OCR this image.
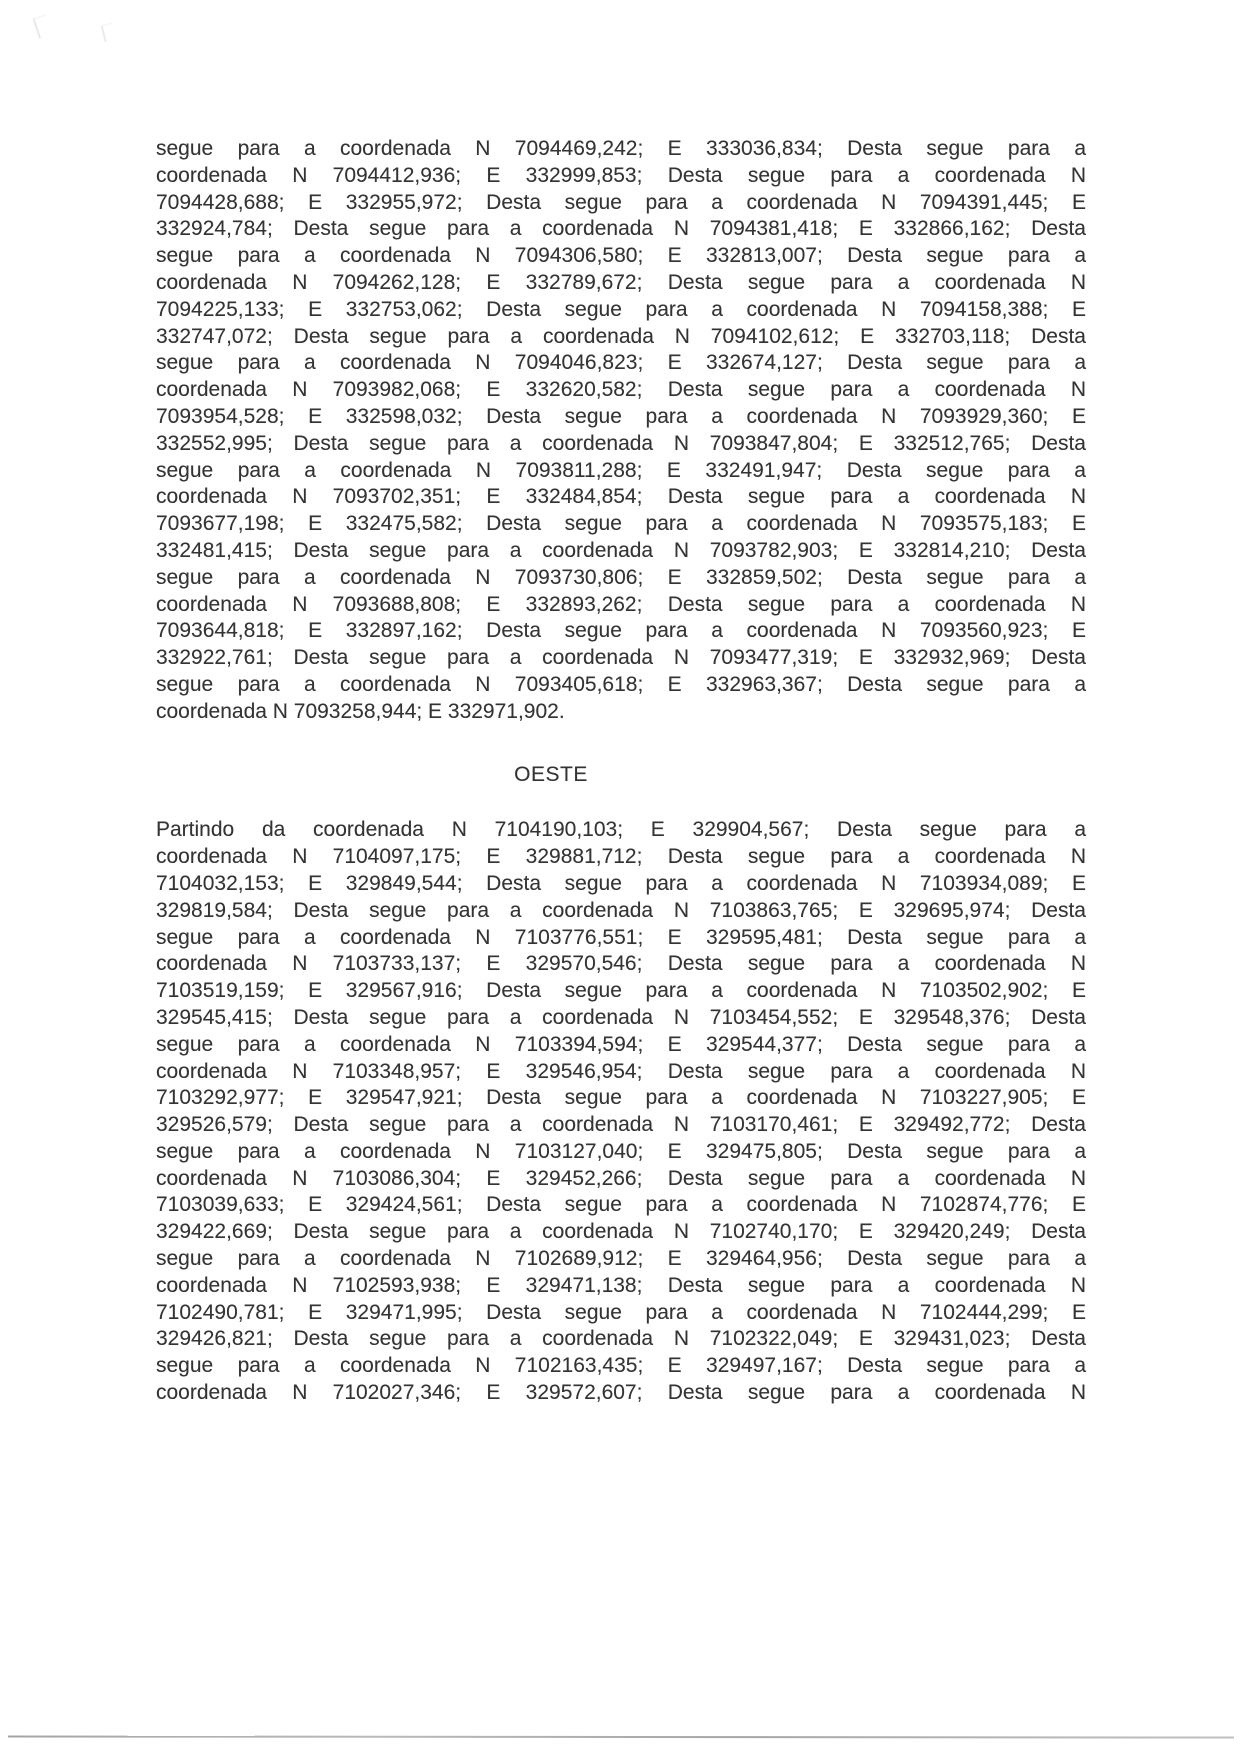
segue para a coordenada N 7094469,242; E 333036,834; Desta segue para a
coordenada N 7094412,936; E 332999,853; Desta segue para a coordenada N
7094428,688; E 332955,972; Desta segue para a coordenada N 7094391,445; E
332924,784; Desta segue para a coordenada N 7094381,418; E 332866,162; Desta
segue para a coordenada N 7094306,580; E 332813,007; Desta segue para a
coordenada N 7094262,128; E 332789,672; Desta segue para a coordenada N
7094225,133; E 332753,062; Desta segue para a coordenada N 7094158,388; E
332747,072; Desta segue para a coordenada N 7094102,612; E 332703,118; Desta
segue para a coordenada N 7094046,823; E 332674,127; Desta segue para a
coordenada N 7093982,068; E 332620,582; Desta segue para a coordenada N
7093954,528; E 332598,032; Desta segue para a coordenada N 7093929,360; E
332552,995; Desta segue para a coordenada N 7093847,804; E 332512,765; Desta
segue para a coordenada N 7093811,288; E 332491,947; Desta segue para a
coordenada N 7093702,351; E 332484,854; Desta segue para a coordenada N
7093677,198; E 332475,582; Desta segue para a coordenada N 7093575,183; E
332481,415; Desta segue para a coordenada N 7093782,903; E 332814,210; Desta
segue para a coordenada N 7093730,806; E 332859,502; Desta segue para a
coordenada N 7093688,808; E 332893,262; Desta segue para a coordenada N
7093644,818; E 332897,162; Desta segue para a coordenada N 7093560,923; E
332922,761; Desta segue para a coordenada N 7093477,319; E 332932,969; Desta
segue para a coordenada N 7093405,618; E 332963,367; Desta segue para a
coordenada N 7093258,944; E 332971,902.
OESTE
Partindo da coordenada N 7104190,103; E 329904,567; Desta segue para a
coordenada N 7104097,175; E 329881,712; Desta segue para a coordenada N
7104032,153; E 329849,544; Desta segue para a coordenada N 7103934,089; E
329819,584; Desta segue para a coordenada N 7103863,765; E 329695,974; Desta
segue para a coordenada N 7103776,551; E 329595,481; Desta segue para a
coordenada N 7103733,137; E 329570,546; Desta segue para a coordenada N
7103519,159; E 329567,916; Desta segue para a coordenada N 7103502,902; E
329545,415; Desta segue para a coordenada N 7103454,552; E 329548,376; Desta
segue para a coordenada N 7103394,594; E 329544,377; Desta segue para a
coordenada N 7103348,957; E 329546,954; Desta segue para a coordenada N
7103292,977; E 329547,921; Desta segue para a coordenada N 7103227,905; E
329526,579; Desta segue para a coordenada N 7103170,461; E 329492,772; Desta
segue para a coordenada N 7103127,040; E 329475,805; Desta segue para a
coordenada N 7103086,304; E 329452,266; Desta segue para a coordenada N
7103039,633; E 329424,561; Desta segue para a coordenada N 7102874,776; E
329422,669; Desta segue para a coordenada N 7102740,170; E 329420,249; Desta
segue para a coordenada N 7102689,912; E 329464,956; Desta segue para a
coordenada N 7102593,938; E 329471,138; Desta segue para a coordenada N
7102490,781; E 329471,995; Desta segue para a coordenada N 7102444,299; E
329426,821; Desta segue para a coordenada N 7102322,049; E 329431,023; Desta
segue para a coordenada N 7102163,435; E 329497,167; Desta segue para a
coordenada N 7102027,346; E 329572,607; Desta segue para a coordenada N
